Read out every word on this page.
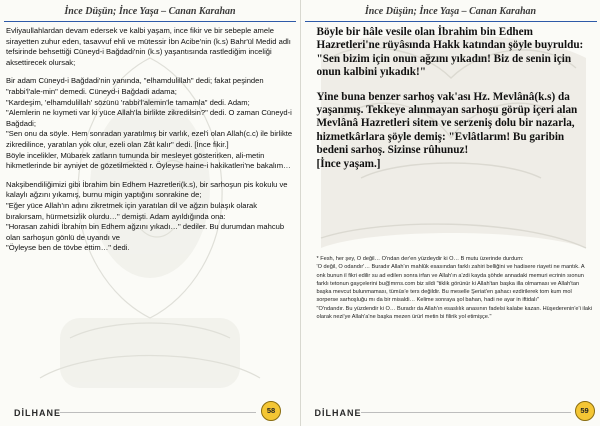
İnce Düşün; İnce Yaşa – Canan Karahan

Evliyaullahlardan devam edersek ve kalbi yaşam, ince fikir ve bir sebeple amele sirayetten zuhur eden, tasavvuf ehli ve mütessir İbn Acibe'nin (k.s) Bahr'ül Medid adlı tefsirinde behsettiği Cüneyd-i Bağdadi'nin (k.s) yaşantısında rastlediğim inceliği aksettirecek olursak;

Bir adam Cüneyd-i Bağdadi'nin yanında, "elhamdulillah" dedi; fakat peşinden "rabbi'l'ale-min" demedi. Cüneyd-i Bağdadi adama;

"Kardeşim, 'elhamdulillah' sözünü 'rabbi'l'alemin'le tamamla" dedi. Adam;

"Alemlerin ne kıymeti var ki yüce Allah'la birlikte zikredilsin?" dedi. O zaman Cüneyd-i Bağdadi;

"Sen onu da söyle. Hem sonradan yaratılmış bir varlık, ezel'i olan Allah(c.c) ile birlikte zikredilince, yaratılan yok olur, ezeli olan Zât kalır" dedi. [İnce fikir.]

Böyle incelikler, Mübarek zatların tumunda bir mesleyet gösterirken, ali-metin hikmetlerinde bir ayniyet de gözetilmekted r. Öyleyse haine-i hakikatleri'ne bakalım…

Nakşibendiliğimizi gibi İbrahim bin Edhem Hazretleri(k.s), bir sarhoşun pis kokulu ve kalaylı ağzını yıkamış, burnu migin yaptığını sonrakine de;

"Eğer yüce Allah'ın adını zikretmek için yaratılan dil ve ağzın bulaşık olarak bırakırsam, hürmetsizlik olurdu…" demişti. Adam ayıldığında ona:

"Horasan zahidi İbrahim bin Edhem ağzını yıkadı…" dediler. Bu durumdan mahcub olan sarhoşun gönlü de uyandı ve

"Öyleyse ben de tövbe ettim…" dedi.

DİLHANE	58
İnce Düşün; İnce Yaşa – Canan Karahan

Böyle bir hâle vesile olan İbrahim bin Edhem Hazretleri'ne rüyâsında Hakk katından şöyle buyruldu:

"Sen bizim için onun ağzını yıkadın! Biz de senin için onun kalbini yıkadık!"

Yine buna benzer sarhoş vak'ası Hz. Mevlânâ(k.s) da yaşanmış. Tekkeye alınmayan sarhoşu görüp içeri alan Mevlânâ Hazretleri sitem ve serzeniş dolu bir nazarla, hizmetkârlara şöyle demiş: "Evlâtlarım! Bu garibin bedeni sarhoş. Sizinse rûhunuz!

[İnce yaşam.]

* Fesh, her şey, O değil… O'ndan der'en yüzdeydir ki O… B mutu üzerinde durdum:

'O değil, O odandır'… Buradır Allah'ın mahlûk esasından farklı zahiri belliğini ve hadisere riayeti ne mantık. A onk bunun il fikri edilir su ad edilen sonra irfan ve Allah'ın a'zdi kayda şöhde annadaki memuri ecrinin sıonun farklı tetonun gayçelerini bu@mrns.com biz sildi "tiklik görünür ki Allah'tan başka illa olmaması ve Allah'tan başka mevcut bulunmaması, tümüs'e ters değildir. Bu meselle Şeriat'en şahacı ezdirilerek tom kum mol sorperse sarhoşluğu mı da bir misaldi… Kelime sonraya şol bahan, hadi ne ayar in iftidalı"

"O'ndandır. Bu yüzdendir ki O… Buradır da Allah'ın esaslılık anasının fadelsi kalabe kazan. Hüşederenin'e'i ilaki olarak nezi'ye Allah'a'ne başka mezen ürürl metin bi filirik yol etimişçe."

DİLHANE	59
